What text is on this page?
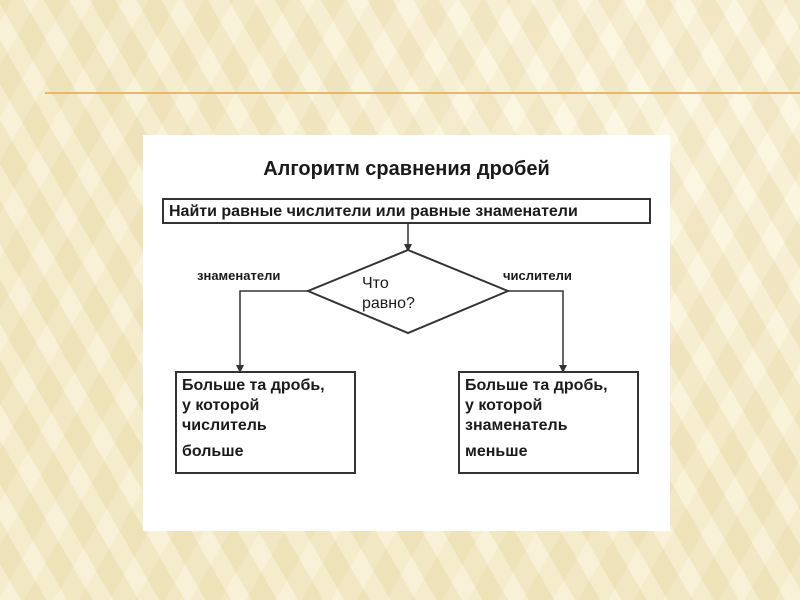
Алгоритм сравнения дробей
Найти равные числители или равные знаменатели
знаменатели	числители
Что
равно?
Больше та дробь,
у которой
числитель
больше
Больше та дробь,
у которой
знаменатель
меньше
